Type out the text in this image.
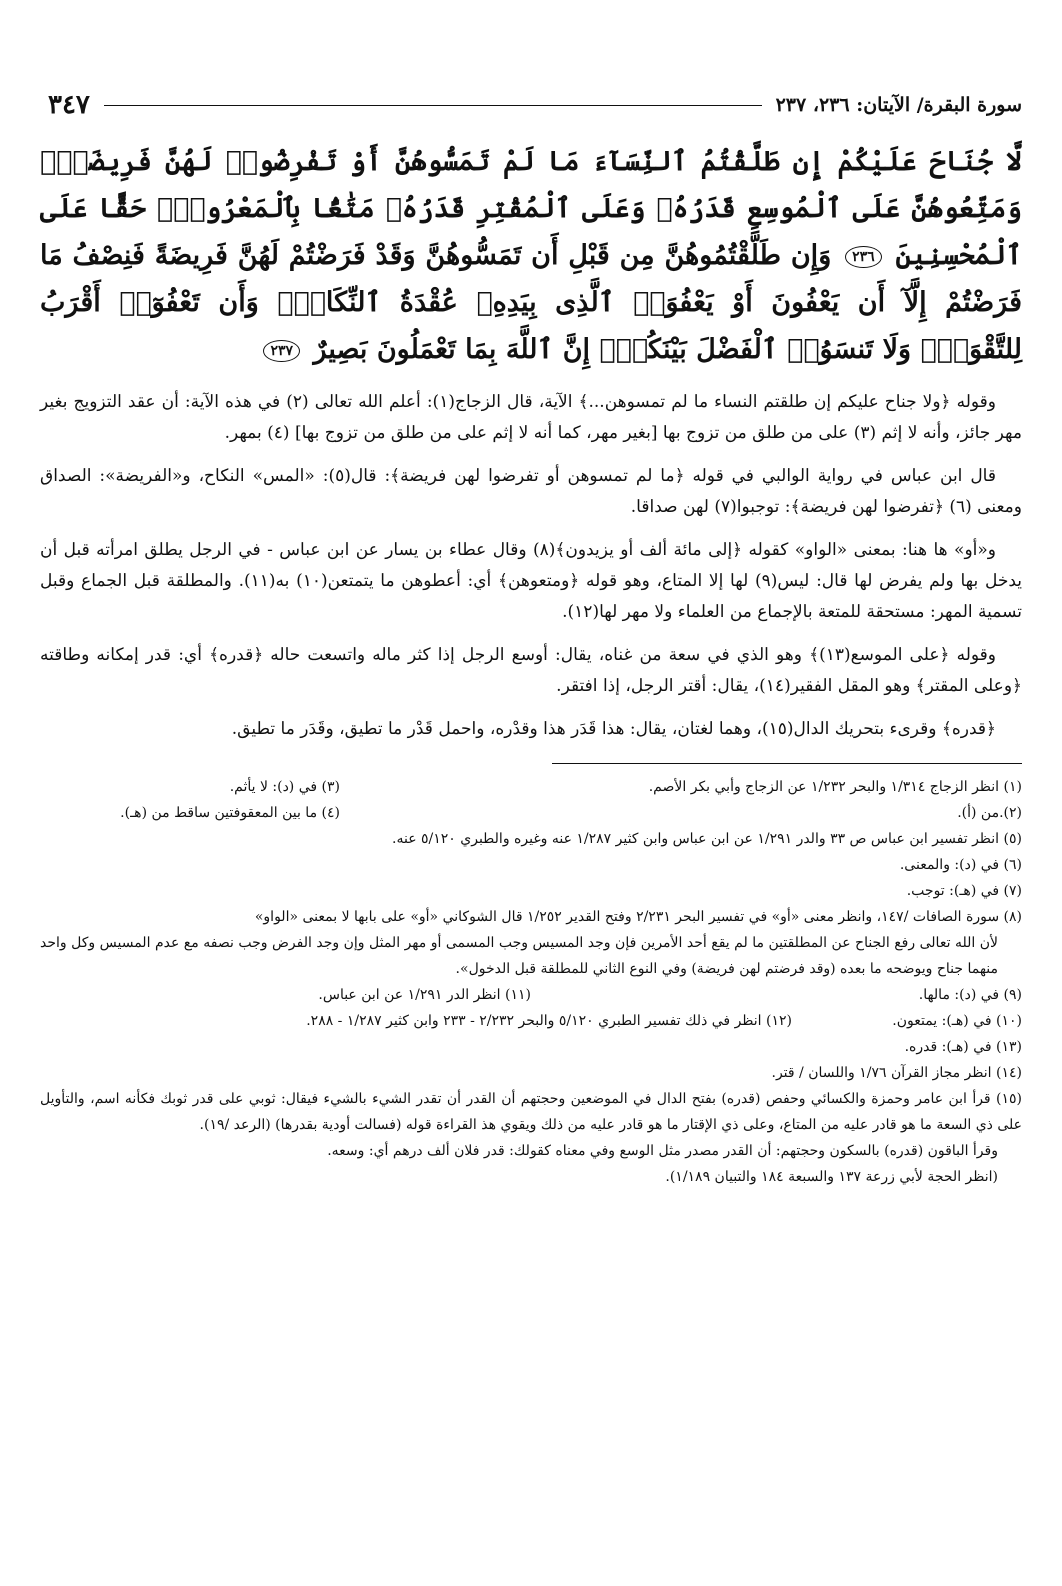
سورة البقرة/ الآيتان: ٢٣٦، ٢٣٧
٣٤٧
لَّا جُنَاحَ عَلَيْكُمْ إِن طَلَّقْتُمُ ٱلنِّسَآءَ مَا لَمْ تَمَسُّوهُنَّ أَوْ تَفْرِضُوا۟ لَهُنَّ فَرِيضَةًۚ وَمَتِّعُوهُنَّ عَلَى ٱلْمُوسِعِ قَدَرُهُۥ وَعَلَى ٱلْمُقْتِرِ قَدَرُهُۥ مَتَٰعًۢا بِٱلْمَعْرُوفِۖ حَقًّا عَلَى ٱلْمُحْسِنِينَ ٢٣٦ وَإِن طَلَّقْتُمُوهُنَّ مِن قَبْلِ أَن تَمَسُّوهُنَّ وَقَدْ فَرَضْتُمْ لَهُنَّ فَرِيضَةً فَنِصْفُ مَا فَرَضْتُمْ إِلَّآ أَن يَعْفُونَ أَوْ يَعْفُوَا۟ ٱلَّذِى بِيَدِهِۦ عُقْدَةُ ٱلنِّكَاحِۚ وَأَن تَعْفُوٓا۟ أَقْرَبُ لِلتَّقْوَىٰۚ وَلَا تَنسَوُا۟ ٱلْفَضْلَ بَيْنَكُمْۚ إِنَّ ٱللَّهَ بِمَا تَعْمَلُونَ بَصِيرٌ ٢٣٧

وقوله ﴿ولا جناح عليكم إن طلقتم النساء ما لم تمسوهن...﴾ الآية، قال الزجاج(١): أعلم الله تعالى (٢) في هذه الآية: أن عقد التزويج بغير مهر جائز، وأنه لا إثم (٣) على من طلق من تزوج بها [بغير مهر، كما أنه لا إثم على من طلق من تزوج بها] (٤) بمهر.

قال ابن عباس في رواية الوالبي في قوله ﴿ما لم تمسوهن أو تفرضوا لهن فريضة﴾: قال(٥): «المس» النكاح، و«الفريضة»: الصداق ومعنى (٦) ﴿تفرضوا لهن فريضة﴾: توجبوا(٧) لهن صداقا.

و«أو» ها هنا: بمعنى «الواو» كقوله ﴿إلى مائة ألف أو يزيدون﴾(٨) وقال عطاء بن يسار عن ابن عباس - في الرجل يطلق امرأته قبل أن يدخل بها ولم يفرض لها قال: ليس(٩) لها إلا المتاع، وهو قوله ﴿ومتعوهن﴾ أي: أعطوهن ما يتمتعن(١٠) به(١١). والمطلقة قبل الجماع وقبل تسمية المهر: مستحقة للمتعة بالإجماع من العلماء ولا مهر لها(١٢).

وقوله ﴿على الموسع(١٣)﴾ وهو الذي في سعة من غناه، يقال: أوسع الرجل إذا كثر ماله واتسعت حاله ﴿قدره﴾ أي: قدر إمكانه وطاقته ﴿وعلى المقتر﴾ وهو المقل الفقير(١٤)، يقال: أقتر الرجل، إذا افتقر.

﴿قدره﴾ وقرىء بتحريك الدال(١٥)، وهما لغتان، يقال: هذا قَدَر هذا وقدْره، واحمل قَدْر ما تطيق، وقَدَر ما تطيق.

(١) انظر الزجاج ١/٣١٤ والبحر ١/٢٣٢ عن الزجاج وأبي بكر الأصم.
(٣) في (د): لا يأثم.
(٢).من (أ).
(٤) ما بين المعقوفتين ساقط من (هـ).
(٥) انظر تفسير ابن عباس ص ٣٣ والدر ١/٢٩١ عن ابن عباس وابن كثير ١/٢٨٧ عنه وغيره والطبري ٥/١٢٠ عنه.
(٦) في (د): والمعنى.
(٧) في (هـ): توجب.
(٨) سورة الصافات /١٤٧، وانظر معنى «أو» في تفسير البحر ٢/٢٣١ وفتح القدير ١/٢٥٢ قال الشوكاني «أو» على بابها لا بمعنى «الواو»
لأن الله تعالى رفع الجناح عن المطلقتين ما لم يقع أحد الأمرين فإن وجد المسيس وجب المسمى أو مهر المثل وإن وجد الفرض وجب نصفه مع عدم المسيس وكل واحد منهما جناح ويوضحه ما بعده (وقد فرضتم لهن فريضة) وفي النوع الثاني للمطلقة قبل الدخول».
(٩) في (د): مالها.
(١١) انظر الدر ١/٢٩١ عن ابن عباس.
(١٠) في (هـ): يمتعون.
(١٢) انظر في ذلك تفسير الطبري ٥/١٢٠ والبحر ٢/٢٣٢ - ٢٣٣ وابن كثير ١/٢٨٧ - ٢٨٨.
(١٣) في (هـ): قدره.
(١٤) انظر مجاز القرآن ١/٧٦ واللسان / قتر.
(١٥) قرأ ابن عامر وحمزة والكسائي وحفص (قدره) بفتح الدال في الموضعين وحجتهم أن القدر أن تقدر الشيء بالشيء فيقال: ثوبي على قدر ثوبك فكأنه اسم، والتأويل على ذي السعة ما هو قادر عليه من المتاع، وعلى ذي الإقتار ما هو قادر عليه من ذلك ويقوي هذ القراءة قوله (فسالت أودية بقدرها) (الرعد /١٩).
وقرأ الباقون (قدره) بالسكون وحجتهم: أن القدر مصدر مثل الوسع وفي معناه كقولك: قدر فلان ألف درهم أي: وسعه.
(انظر الحجة لأبي زرعة ١٣٧ والسبعة ١٨٤ والتبيان ١/١٨٩).
